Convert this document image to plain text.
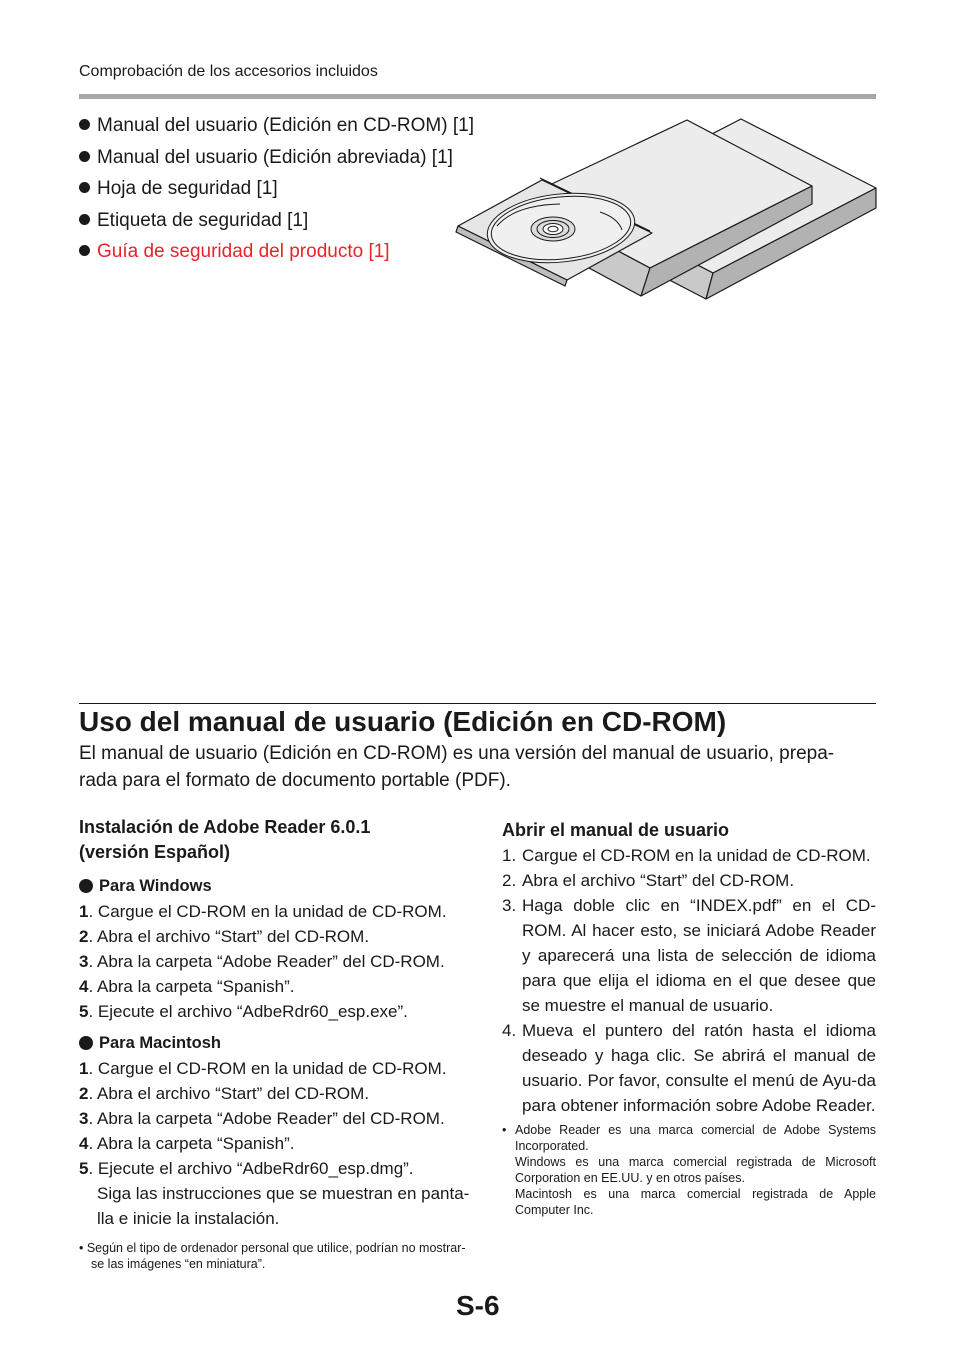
Comprobación de los accesorios incluidos
Manual del usuario (Edición en CD-ROM) [1]
Manual del usuario (Edición abreviada) [1]
Hoja de seguridad [1]
Etiqueta de seguridad [1]
Guía de seguridad del producto [1]
Uso del manual de usuario (Edición en CD-ROM)
El manual de usuario (Edición en CD-ROM) es una versión del manual de usuario, prepa-
rada para el formato de documento portable (PDF).
Instalación de Adobe Reader 6.0.1
(versión Español)
Para Windows
1. Cargue el CD-ROM en la unidad de CD-ROM.
2. Abra el archivo “Start” del CD-ROM.
3. Abra la carpeta “Adobe Reader” del CD-ROM.
4. Abra la carpeta “Spanish”.
5. Ejecute el archivo “AdbeRdr60_esp.exe”.
Para Macintosh
1. Cargue el CD-ROM en la unidad de CD-ROM.
2. Abra el archivo “Start” del CD-ROM.
3. Abra la carpeta “Adobe Reader” del CD-ROM.
4. Abra la carpeta “Spanish”.
5. Ejecute el archivo “AdbeRdr60_esp.dmg”.
Siga las instrucciones que se muestran en panta-
lla e inicie la instalación.
• Según el tipo de ordenador personal que utilice, podrían no mostrar-
se las imágenes “en miniatura”.
Abrir el manual de usuario
1. Cargue el CD-ROM en la unidad de CD-ROM.
2. Abra el archivo “Start” del CD-ROM.
3. Haga doble clic en “INDEX.pdf” en el CD-ROM. Al hacer esto, se iniciará Adobe Reader y aparecerá una lista de selección de idioma para que elija el idioma en el que desee que se muestre el manual de usuario.
4. Mueva el puntero del ratón hasta el idioma deseado y haga clic. Se abrirá el manual de usuario. Por favor, consulte el menú de Ayu-da para obtener información sobre Adobe Reader.
• Adobe Reader es una marca comercial de Adobe Systems Incorporated.
Windows es una marca comercial registrada de Microsoft Corporation en EE.UU. y en otros países.
Macintosh es una marca comercial registrada de Apple Computer Inc.
S-6
